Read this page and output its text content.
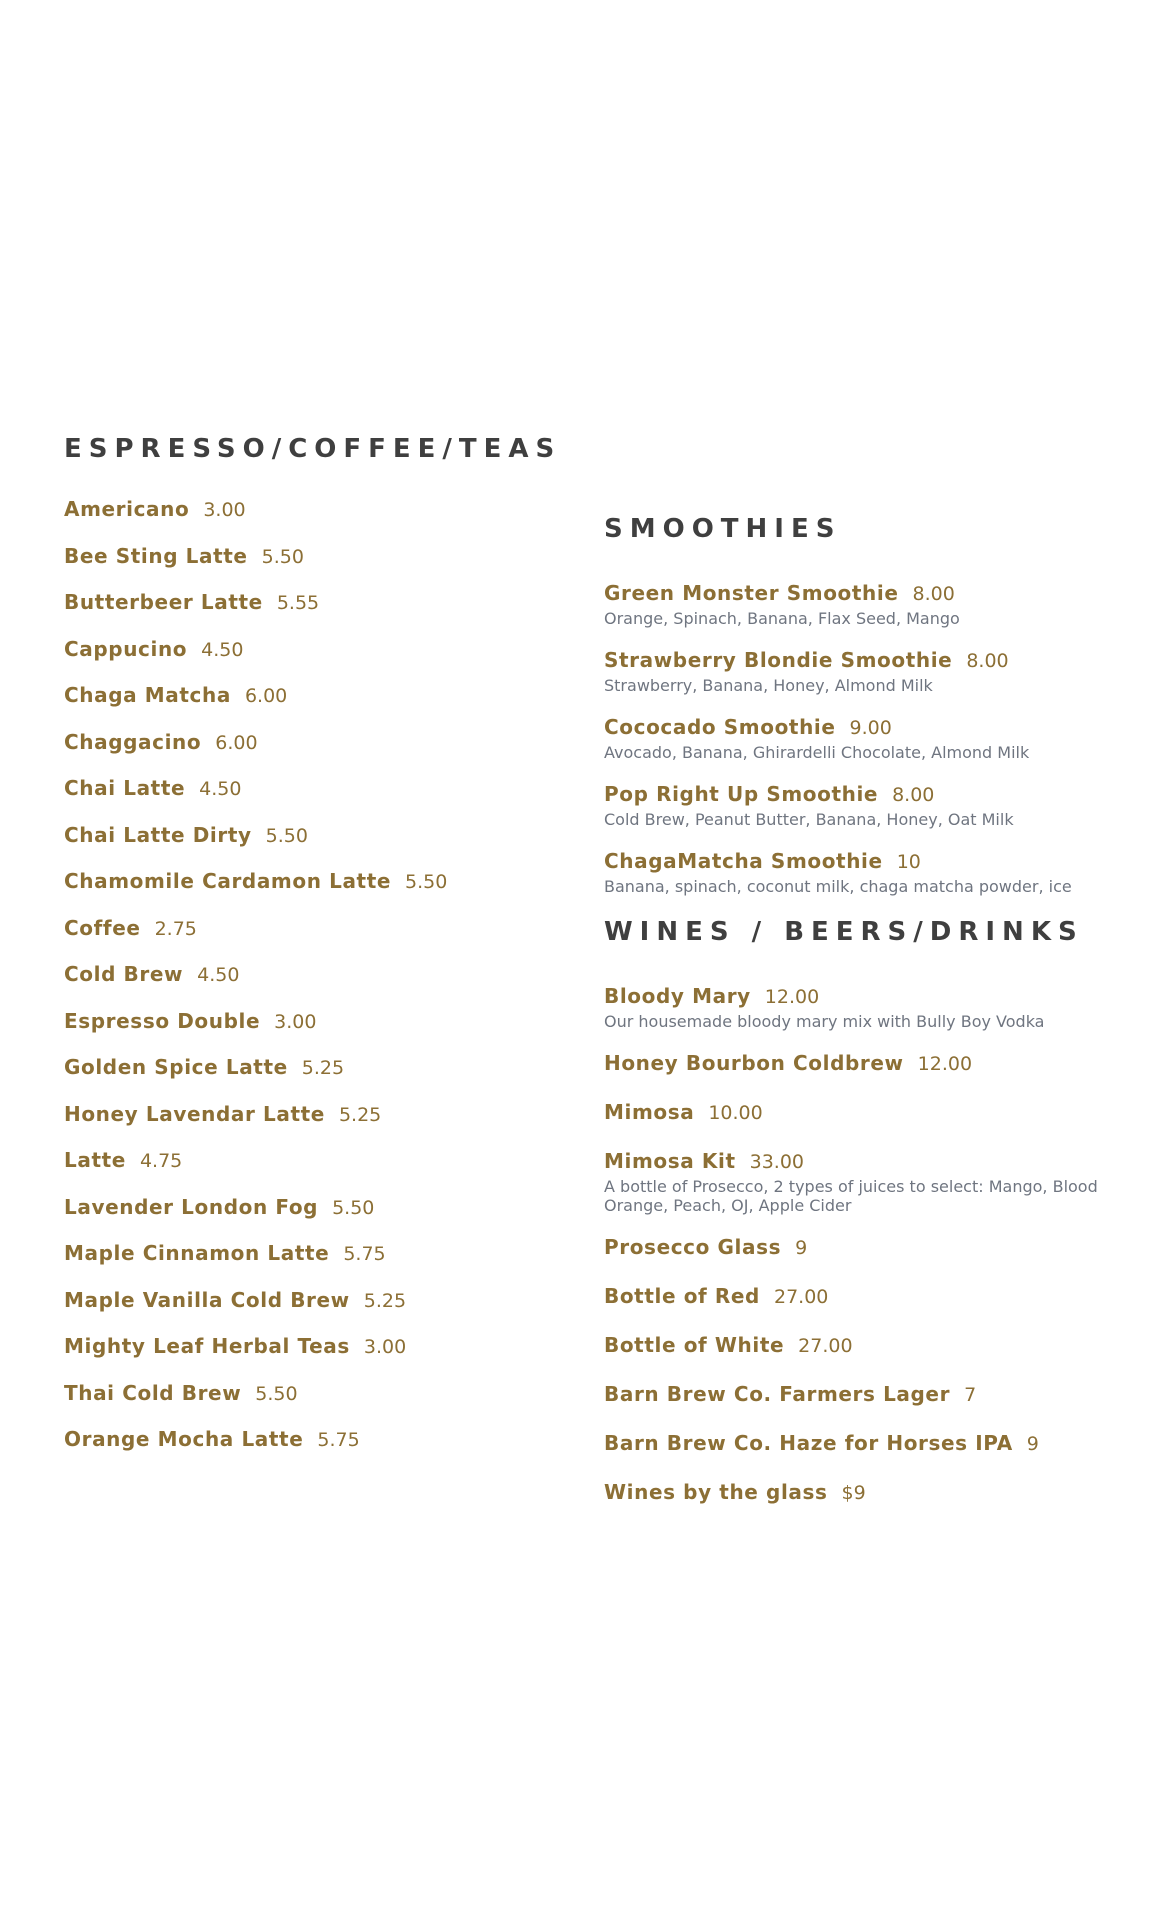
ESPRESSO/COFFEE/TEAS
Americano 3.00
Bee Sting Latte 5.50
Butterbeer Latte 5.55
Cappucino 4.50
Chaga Matcha 6.00
Chaggacino 6.00
Chai Latte 4.50
Chai Latte Dirty 5.50
Chamomile Cardamon Latte 5.50
Coffee 2.75
Cold Brew 4.50
Espresso Double 3.00
Golden Spice Latte 5.25
Honey Lavendar Latte 5.25
Latte 4.75
Lavender London Fog 5.50
Maple Cinnamon Latte 5.75
Maple Vanilla Cold Brew 5.25
Mighty Leaf Herbal Teas 3.00
Thai Cold Brew 5.50
Orange Mocha Latte 5.75
SMOOTHIES
Green Monster Smoothie 8.00
Orange, Spinach, Banana, Flax Seed, Mango
Strawberry Blondie Smoothie 8.00
Strawberry, Banana, Honey, Almond Milk
Cococado Smoothie 9.00
Avocado, Banana, Ghirardelli Chocolate, Almond Milk
Pop Right Up Smoothie 8.00
Cold Brew, Peanut Butter, Banana, Honey, Oat Milk
ChagaMatcha Smoothie 10
Banana, spinach, coconut milk, chaga matcha powder, ice
WINES / BEERS/DRINKS
Bloody Mary 12.00
Our housemade bloody mary mix with Bully Boy Vodka
Honey Bourbon Coldbrew 12.00
Mimosa 10.00
Mimosa Kit 33.00
A bottle of Prosecco, 2 types of juices to select: Mango, Blood Orange, Peach, OJ, Apple Cider
Prosecco Glass 9
Bottle of Red 27.00
Bottle of White 27.00
Barn Brew Co. Farmers Lager 7
Barn Brew Co. Haze for Horses IPA 9
Wines by the glass $9
